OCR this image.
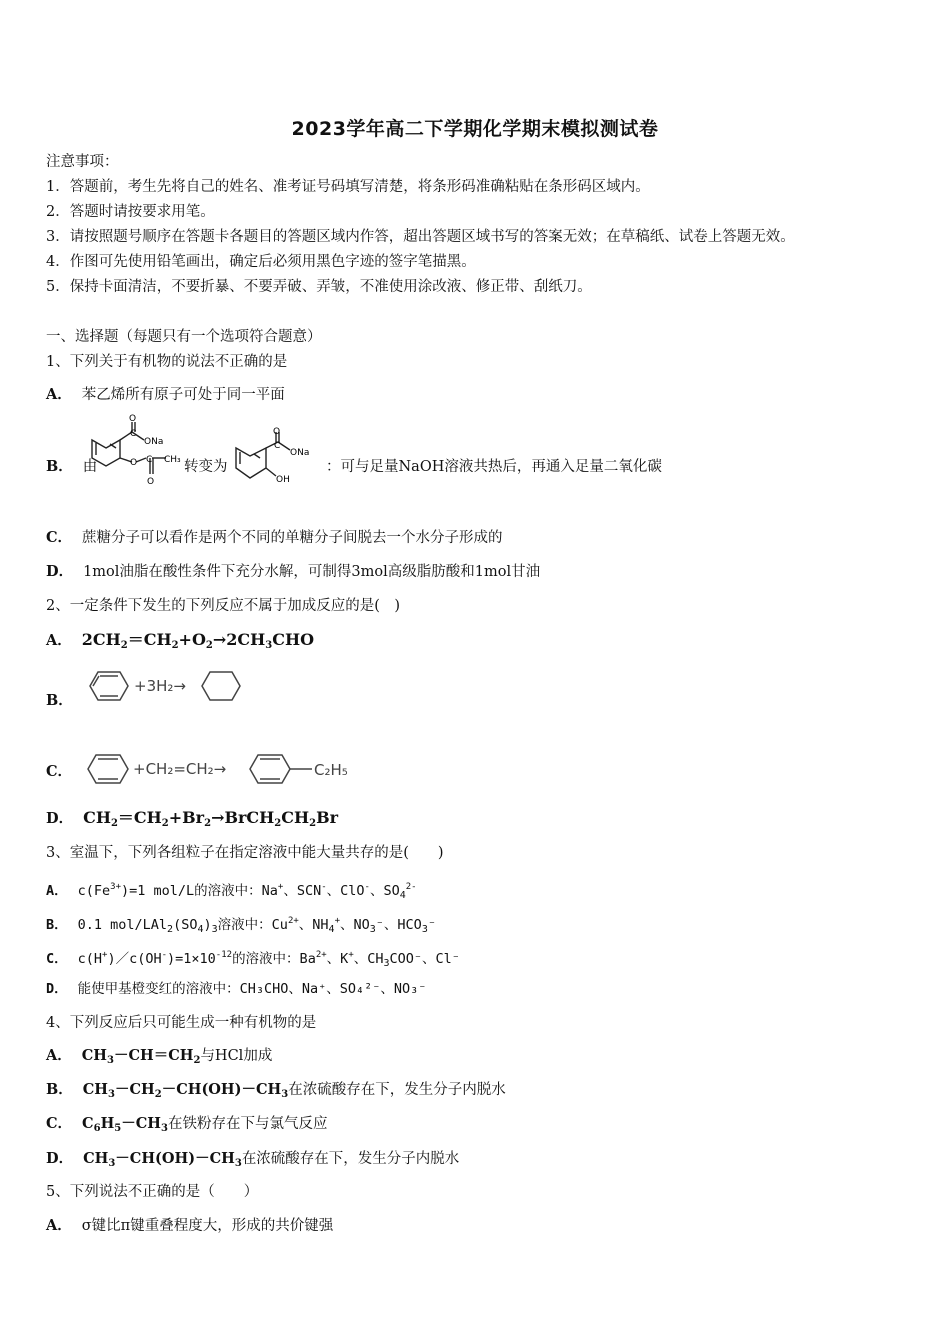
2023学年高二下学期化学期末模拟测试卷
注意事项：
1．答题前，考生先将自己的姓名、准考证号码填写清楚，将条形码准确粘贴在条形码区域内。
2．答题时请按要求用笔。
3．请按照题号顺序在答题卡各题目的答题区域内作答，超出答题区域书写的答案无效；在草稿纸、试卷上答题无效。
4．作图可先使用铅笔画出，确定后必须用黑色字迹的签字笔描黑。
5．保持卡面清洁，不要折暴、不要弄破、弄皱，不准使用涂改液、修正带、刮纸刀。
一、选择题（每题只有一个选项符合题意）
1、下列关于有机物的说法不正确的是
A． 苯乙烯所有原子可处于同一平面
B． 由
O
C
ONa
O C CH₃
O
转变为
O
C
ONa
OH
：可与足量NaOH溶液共热后，再通入足量二氧化碳
C． 蔗糖分子可以看作是两个不同的单糖分子间脱去一个水分子形成的
D． 1mol油脂在酸性条件下充分水解，可制得3mol高级脂肪酸和1mol甘油
2、一定条件下发生的下列反应不属于加成反应的是(　)
A． $2CH_2=CH_2+O_2\to 2CH_3CHO$
B．
+3H₂→
C．	+CH₂=CH₂→	C₂H₅
D． $CH_2=CH_2+Br_2\to BrCH_2CH_2Br$
3、室温下，下列各组粒子在指定溶液中能大量共存的是(　　)
A． $c(Fe^{3+})=1$ mol/L的溶液中：Na+、SCN-、ClO-、$SO_4^{2-}$
B． 0.1 mol/$LAl_2(SO_4)_3$溶液中：$Cu^{2+}$、$NH_4^+$、$NO_3^-$、$HCO_3^-$
C． $c(H^+)/c(OH^-)=1\times 10^{-12}$的溶液中：$Ba^{2+}$、K+、$CH_3COO^-$、Cl⁻
D． 能使甲基橙变红的溶液中：CH₃CHO、Na⁺、SO₄²⁻、NO₃⁻
4、下列反应后只可能生成一种有机物的是
A． $CH_3-CH=CH_2$与HCl加成
B． $CH_3-CH_2-CH(OH)-CH_3$在浓硫酸存在下，发生分子内脱水
C． $C_6H_5-CH_3$在铁粉存在下与氯气反应
D． $CH_3-CH(OH)-CH_3$在浓硫酸存在下，发生分子内脱水
5、下列说法不正确的是（　　）
A． σ键比π键重叠程度大，形成的共价键强
